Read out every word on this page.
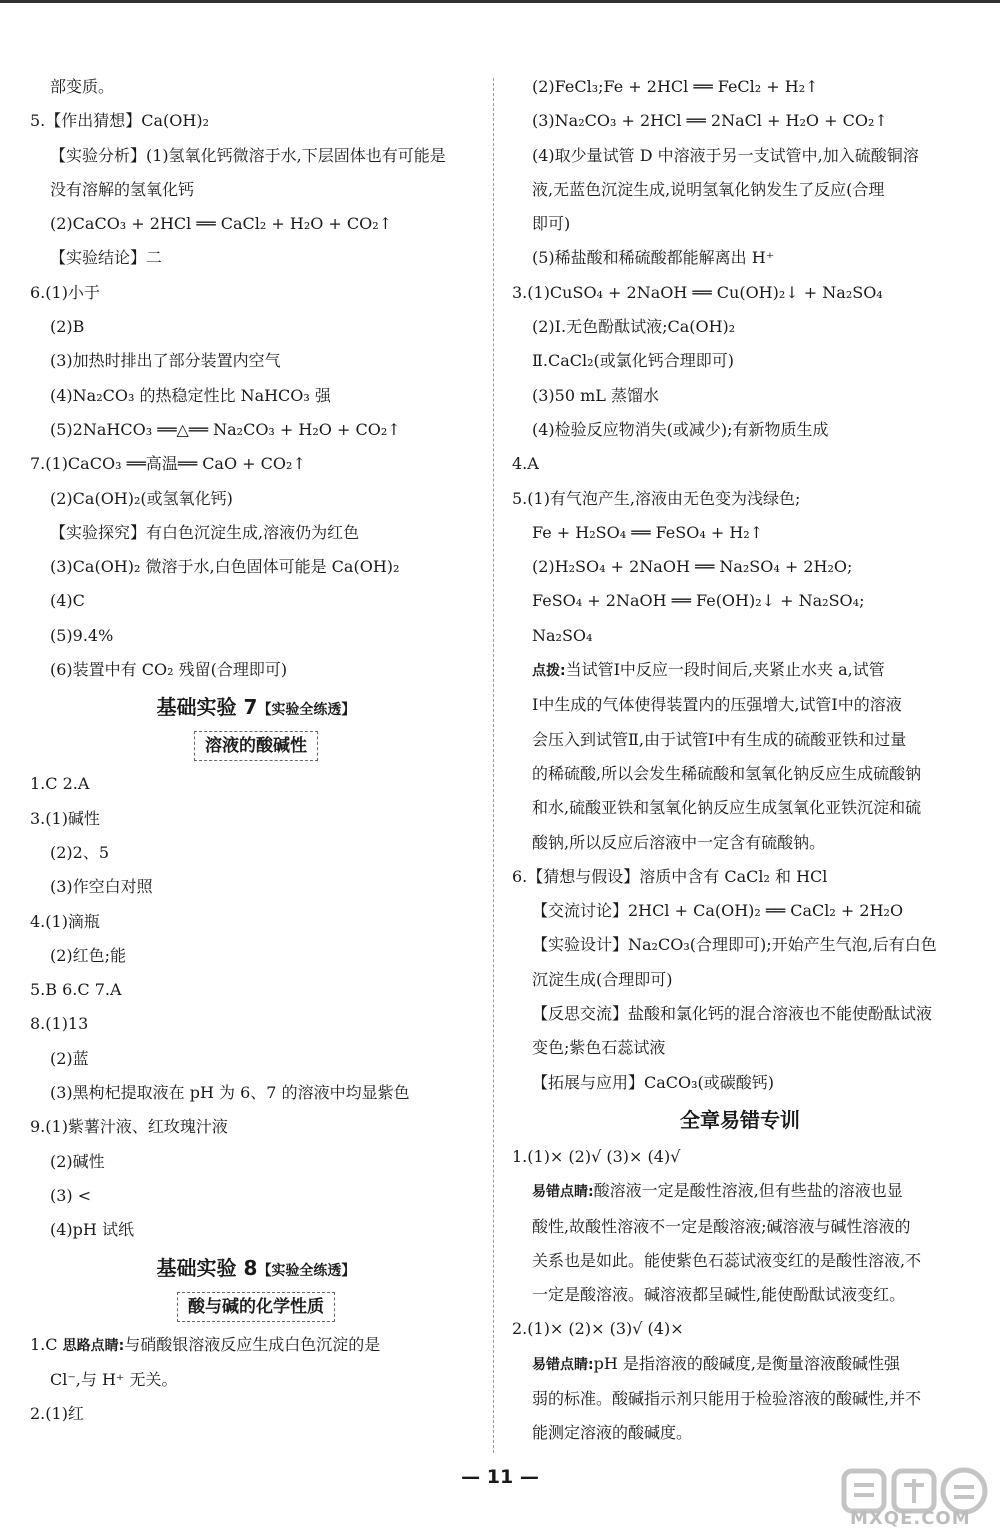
部变质。
5.【作出猜想】Ca(OH)₂
【实验分析】(1)氢氧化钙微溶于水,下层固体也有可能是
没有溶解的氢氧化钙
(2)CaCO₃ + 2HCl ══ CaCl₂ + H₂O + CO₂↑
【实验结论】二
6.(1)小于
(2)B
(3)加热时排出了部分装置内空气
(4)Na₂CO₃ 的热稳定性比 NaHCO₃ 强
(5)2NaHCO₃ ══△══ Na₂CO₃ + H₂O + CO₂↑
7.(1)CaCO₃ ══高温══ CaO + CO₂↑
(2)Ca(OH)₂(或氢氧化钙)
【实验探究】有白色沉淀生成,溶液仍为红色
(3)Ca(OH)₂ 微溶于水,白色固体可能是 Ca(OH)₂
(4)C
(5)9.4%
(6)装置中有 CO₂ 残留(合理即可)
基础实验 7【实验全练透】
溶液的酸碱性
1.C 2.A
3.(1)碱性
(2)2、5
(3)作空白对照
4.(1)滴瓶
(2)红色;能
5.B 6.C 7.A
8.(1)13
(2)蓝
(3)黑枸杞提取液在 pH 为 6、7 的溶液中均显紫色
9.(1)紫薯汁液、红玫瑰汁液
(2)碱性
(3) <
(4)pH 试纸
基础实验 8【实验全练透】
酸与碱的化学性质
1.C 思路点睛:与硝酸银溶液反应生成白色沉淀的是
Cl⁻,与 H⁺ 无关。
2.(1)红
(2)FeCl₃;Fe + 2HCl ══ FeCl₂ + H₂↑
(3)Na₂CO₃ + 2HCl ══ 2NaCl + H₂O + CO₂↑
(4)取少量试管 D 中溶液于另一支试管中,加入硫酸铜溶
液,无蓝色沉淀生成,说明氢氧化钠发生了反应(合理
即可)
(5)稀盐酸和稀硫酸都能解离出 H⁺
3.(1)CuSO₄ + 2NaOH ══ Cu(OH)₂↓ + Na₂SO₄
(2)Ⅰ.无色酚酞试液;Ca(OH)₂
Ⅱ.CaCl₂(或氯化钙合理即可)
(3)50 mL 蒸馏水
(4)检验反应物消失(或减少);有新物质生成
4.A
5.(1)有气泡产生,溶液由无色变为浅绿色;
Fe + H₂SO₄ ══ FeSO₄ + H₂↑
(2)H₂SO₄ + 2NaOH ══ Na₂SO₄ + 2H₂O;
FeSO₄ + 2NaOH ══ Fe(OH)₂↓ + Na₂SO₄;
Na₂SO₄
点拨:当试管Ⅰ中反应一段时间后,夹紧止水夹 a,试管
Ⅰ中生成的气体使得装置内的压强增大,试管Ⅰ中的溶液
会压入到试管Ⅱ,由于试管Ⅰ中有生成的硫酸亚铁和过量
的稀硫酸,所以会发生稀硫酸和氢氧化钠反应生成硫酸钠
和水,硫酸亚铁和氢氧化钠反应生成氢氧化亚铁沉淀和硫
酸钠,所以反应后溶液中一定含有硫酸钠。
6.【猜想与假设】溶质中含有 CaCl₂ 和 HCl
【交流讨论】2HCl + Ca(OH)₂ ══ CaCl₂ + 2H₂O
【实验设计】Na₂CO₃(合理即可);开始产生气泡,后有白色
沉淀生成(合理即可)
【反思交流】盐酸和氯化钙的混合溶液也不能使酚酞试液
变色;紫色石蕊试液
【拓展与应用】CaCO₃(或碳酸钙)
全章易错专训
1.(1)× (2)√ (3)× (4)√
易错点睛:酸溶液一定是酸性溶液,但有些盐的溶液也显
酸性,故酸性溶液不一定是酸溶液;碱溶液与碱性溶液的
关系也是如此。能使紫色石蕊试液变红的是酸性溶液,不
一定是酸溶液。碱溶液都呈碱性,能使酚酞试液变红。
2.(1)× (2)× (3)√ (4)×
易错点睛:pH 是指溶液的酸碱度,是衡量溶液酸碱性强
弱的标准。酸碱指示剂只能用于检验溶液的酸碱性,并不
能测定溶液的酸碱度。
— 11 —
MXQE.COM
